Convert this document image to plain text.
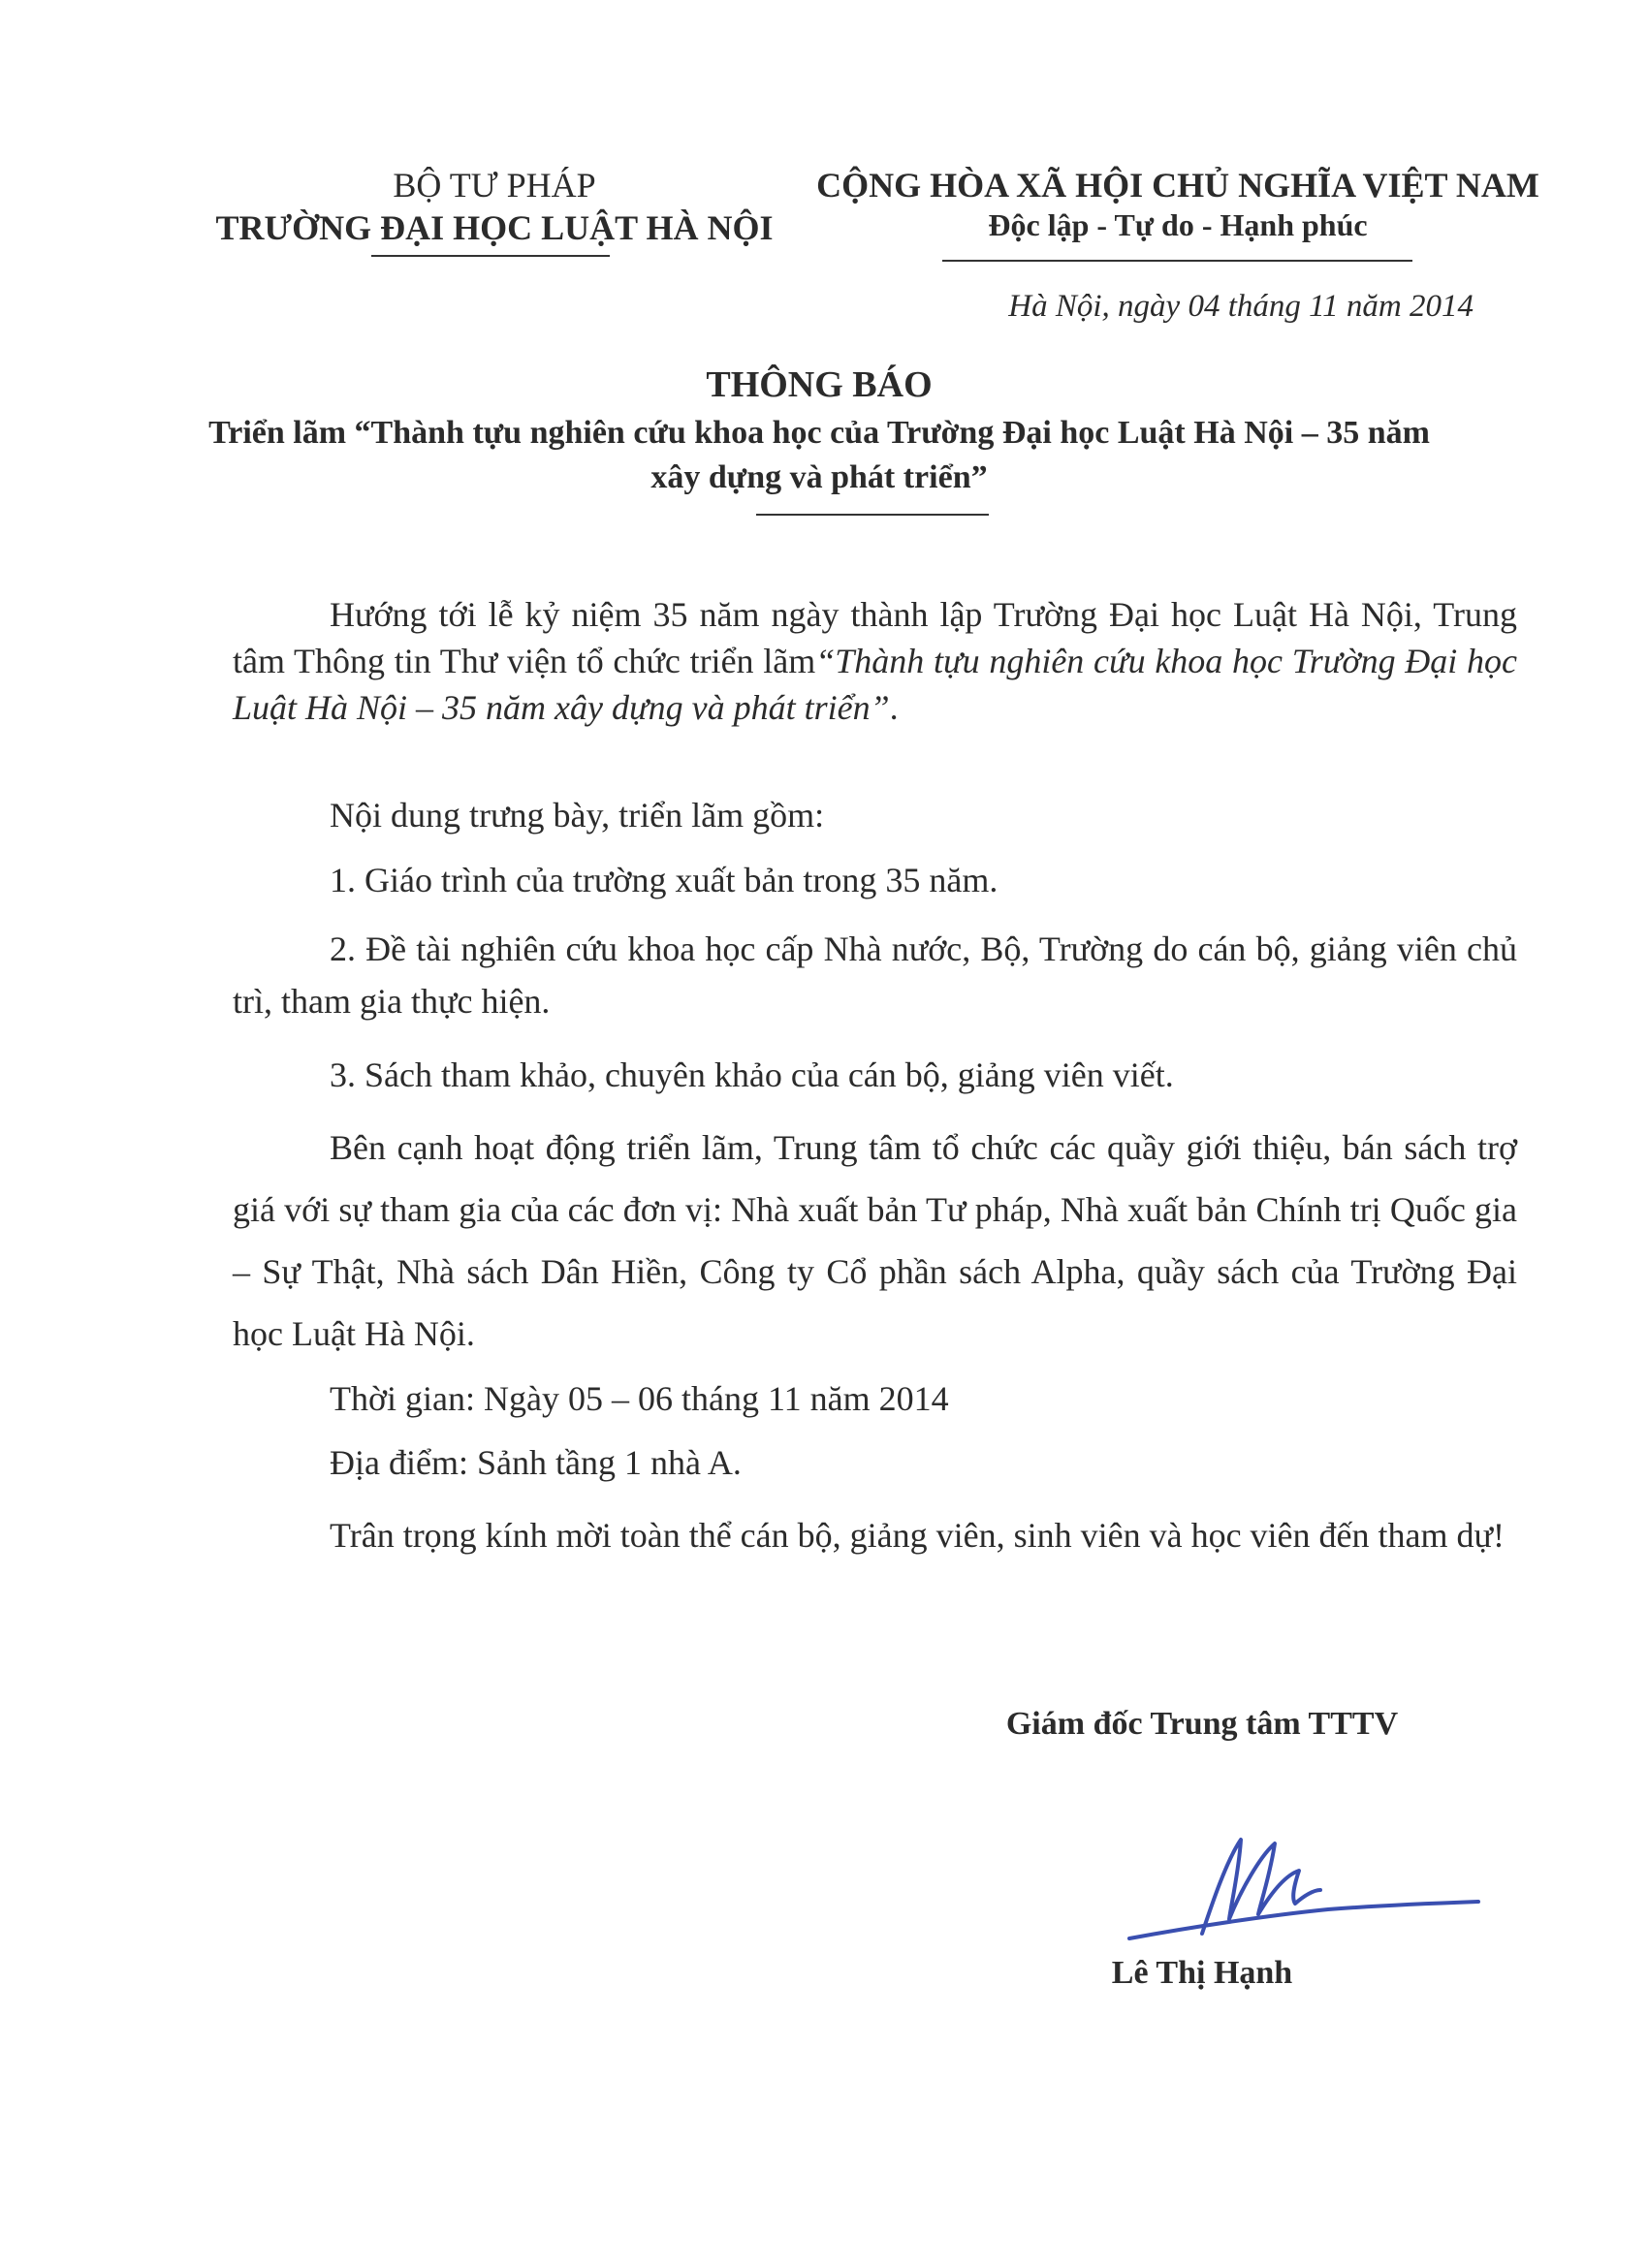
BỘ TƯ PHÁP
TRƯỜNG ĐẠI HỌC LUẬT HÀ NỘI
CỘNG HÒA XÃ HỘI CHỦ NGHĨA VIỆT NAM
Độc lập - Tự do - Hạnh phúc
Hà Nội, ngày 04 tháng 11 năm 2014
THÔNG BÁO
Triển lãm “Thành tựu nghiên cứu khoa học của Trường Đại học Luật Hà Nội – 35 năm xây dựng và phát triển”
Hướng tới lễ kỷ niệm 35 năm ngày thành lập Trường Đại học Luật Hà Nội, Trung tâm Thông tin Thư viện tổ chức triển lãm“Thành tựu nghiên cứu khoa học Trường Đại học Luật Hà Nội – 35 năm xây dựng và phát triển”.
Nội dung trưng bày, triển lãm gồm:
1. Giáo trình của trường xuất bản trong 35 năm.
2. Đề tài nghiên cứu khoa học cấp Nhà nước, Bộ, Trường do cán bộ, giảng viên chủ trì, tham gia thực hiện.
3. Sách tham khảo, chuyên khảo của cán bộ, giảng viên viết.
Bên cạnh hoạt động triển lãm, Trung tâm tổ chức các quầy giới thiệu, bán sách trợ giá với sự tham gia của các đơn vị: Nhà xuất bản Tư pháp, Nhà xuất bản Chính trị Quốc gia – Sự Thật, Nhà sách Dân Hiền, Công ty Cổ phần sách Alpha, quầy sách của Trường Đại học Luật Hà Nội.
Thời gian: Ngày 05 – 06 tháng 11 năm 2014
Địa điểm: Sảnh tầng 1 nhà A.
Trân trọng kính mời toàn thể cán bộ, giảng viên, sinh viên và học viên đến tham dự!
Giám đốc Trung tâm TTTV
Lê Thị Hạnh
